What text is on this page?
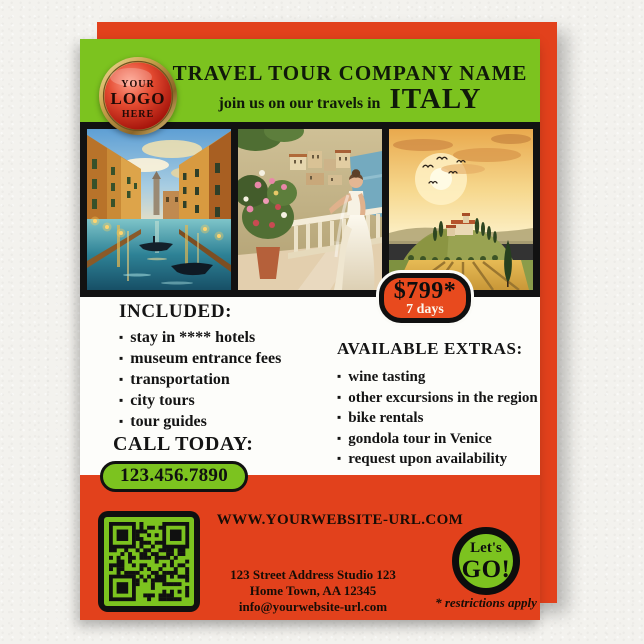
TRAVEL TOUR COMPANY NAME
join us on our travels in ITALY
YOUR
LOGO
HERE
$799*
7 days
INCLUDED:
▪ stay in **** hotels
▪ museum entrance fees
▪ transportation
▪ city tours
▪ tour guides
AVAILABLE EXTRAS:
▪ wine tasting
▪ other excursions in the region
▪ bike rentals
▪ gondola tour in Venice
▪ request upon availability
CALL TODAY:
123.456.7890
WWW.YOURWEBSITE-URL.COM
123 Street Address Studio 123
Home Town, AA 12345
info@yourwebsite-url.com
Let's
GO!
* restrictions apply
